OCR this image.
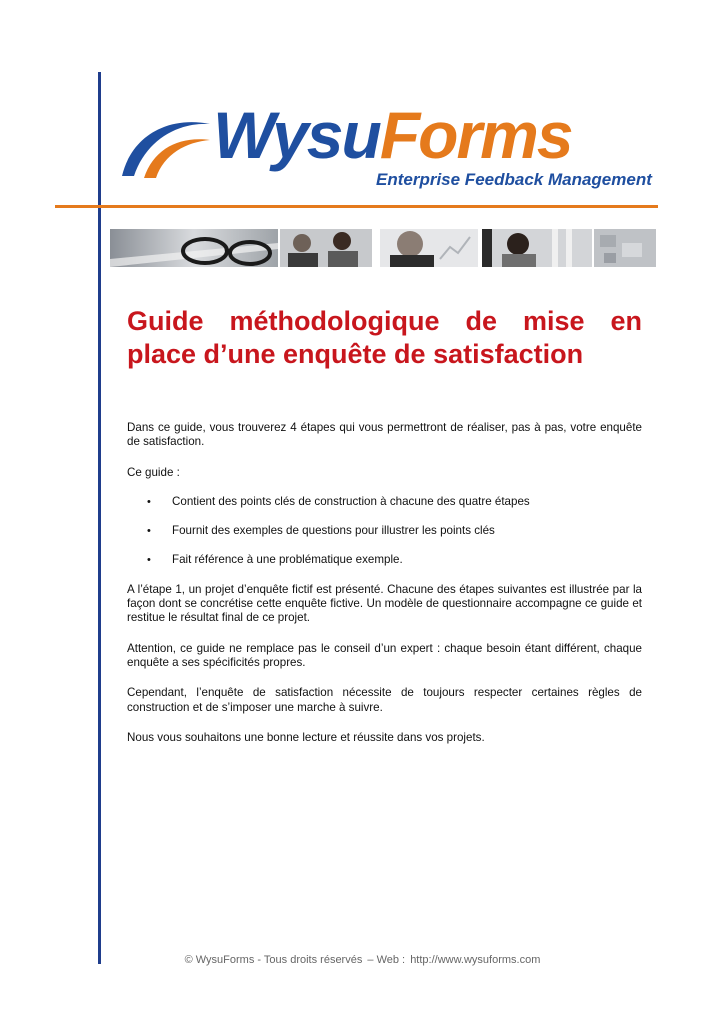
WysuForms
Enterprise Feedback Management
Guide méthodologique de mise en place d’une enquête de satisfaction

Dans ce guide, vous trouverez 4 étapes qui vous permettront de réaliser, pas à pas, votre enquête de satisfaction.

Ce guide :

• Contient des points clés de construction à chacune des quatre étapes
• Fournit des exemples de questions pour illustrer les points clés
• Fait référence à une problématique exemple.

A l’étape 1, un projet d’enquête fictif est présenté. Chacune des étapes suivantes est illustrée par la façon dont se concrétise cette enquête fictive. Un modèle de questionnaire accompagne ce guide et restitue le résultat final de ce projet.

Attention, ce guide ne remplace pas le conseil d’un expert : chaque besoin étant différent, chaque enquête a ses spécificités propres.

Cependant, l’enquête de satisfaction nécessite de toujours respecter certaines règles de construction et de s’imposer une marche à suivre.

Nous vous souhaitons une bonne lecture et réussite dans vos projets.

© WysuForms - Tous droits réservés – Web : http://www.wysuforms.com
